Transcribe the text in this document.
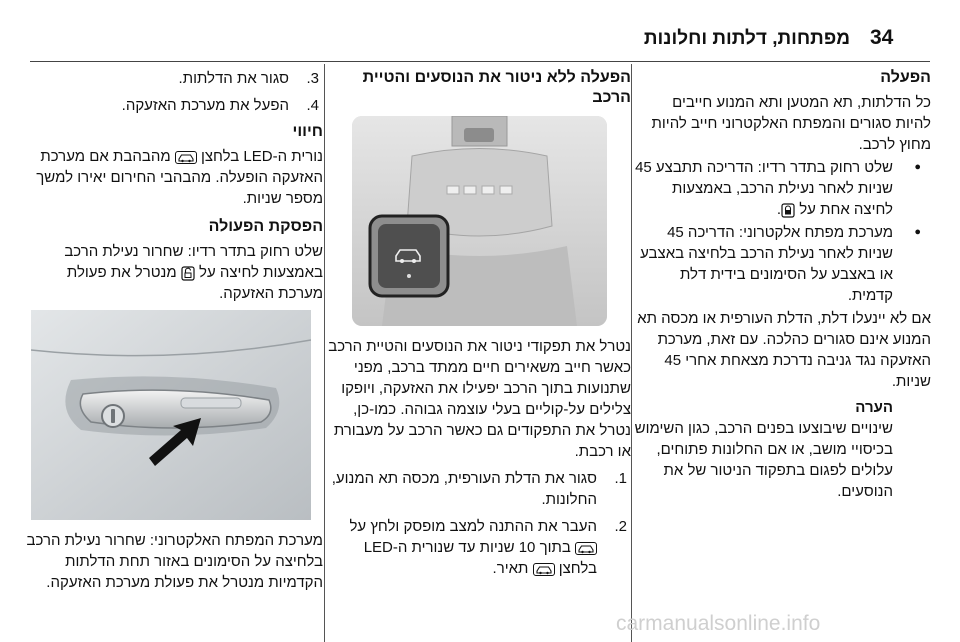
34
מפתחות, דלתות וחלונות
הפעלה

כל הדלתות, תא המטען ותא המנוע חייבים להיות סגורים והמפתח האלקטרוני חייב להיות מחוץ לרכב.

● שלט רחוק בתדר רדיו: הדריכה תתבצע 45 שניות לאחר נעילת הרכב, באמצעות לחיצה אחת על .
● מערכת מפתח אלקטרוני: הדריכה 45 שניות לאחר נעילת הרכב בלחיצה באצבע או באצבע על הסימונים בידית דלת קדמית.

אם לא יינעלו דלת, הדלת העורפית או מכסה תא המנוע אינם סגורים כהלכה. עם זאת, מערכת האזעקה נגד גניבה נדרכת מצאחת אחרי 45 שניות.

הערה

שינויים שיבוצעו בפנים הרכב, כגון השימוש בכיסויי מושב, או אם החלונות פתוחים, עלולים לפגום בתפקוד הניטור של את הנוסעים.

הפעלה ללא ניטור את הנוסעים והטיית הרכב

נטרל את תפקודי ניטור את הנוסעים והטיית הרכב כאשר חייב משאירים חיים ממתד ברכב, מפני שתנועות בתוך הרכב יפעילו את האזעקה, ויופקו צלילים על-קוליים בעלי עוצמה גבוהה. כמו-כן, נטרל את התפקודים גם כאשר הרכב על מעבורת או רכבת.

1.
סגור את הדלת העורפית, מכסה תא המנוע, החלונות.
2.
העבר את ההתנה למצב מופסק ולחץ על  בתוך 10 שניות עד שנורית ה-LED בלחצן  תאיר.
3.
סגור את הדלתות.
4.
הפעל את מערכת האזעקה.
חיווי

נורית ה-LED בלחצן  מהבהבת אם מערכת האזעקה הופעלה. מהבהבי החירום יאירו למשך מספר שניות.

הפסקת הפעולה

שלט רחוק בתדר רדיו: שחרור נעילת הרכב באמצעות לחיצה על  מנטרל את פעולת מערכת האזעקה.

מערכת המפתח האלקטרוני: שחרור נעילת הרכב בלחיצה על הסימונים באזור תחת הדלתות הקדמיות מנטרל את פעולת מערכת האזעקה.

carmanualsonline.info
